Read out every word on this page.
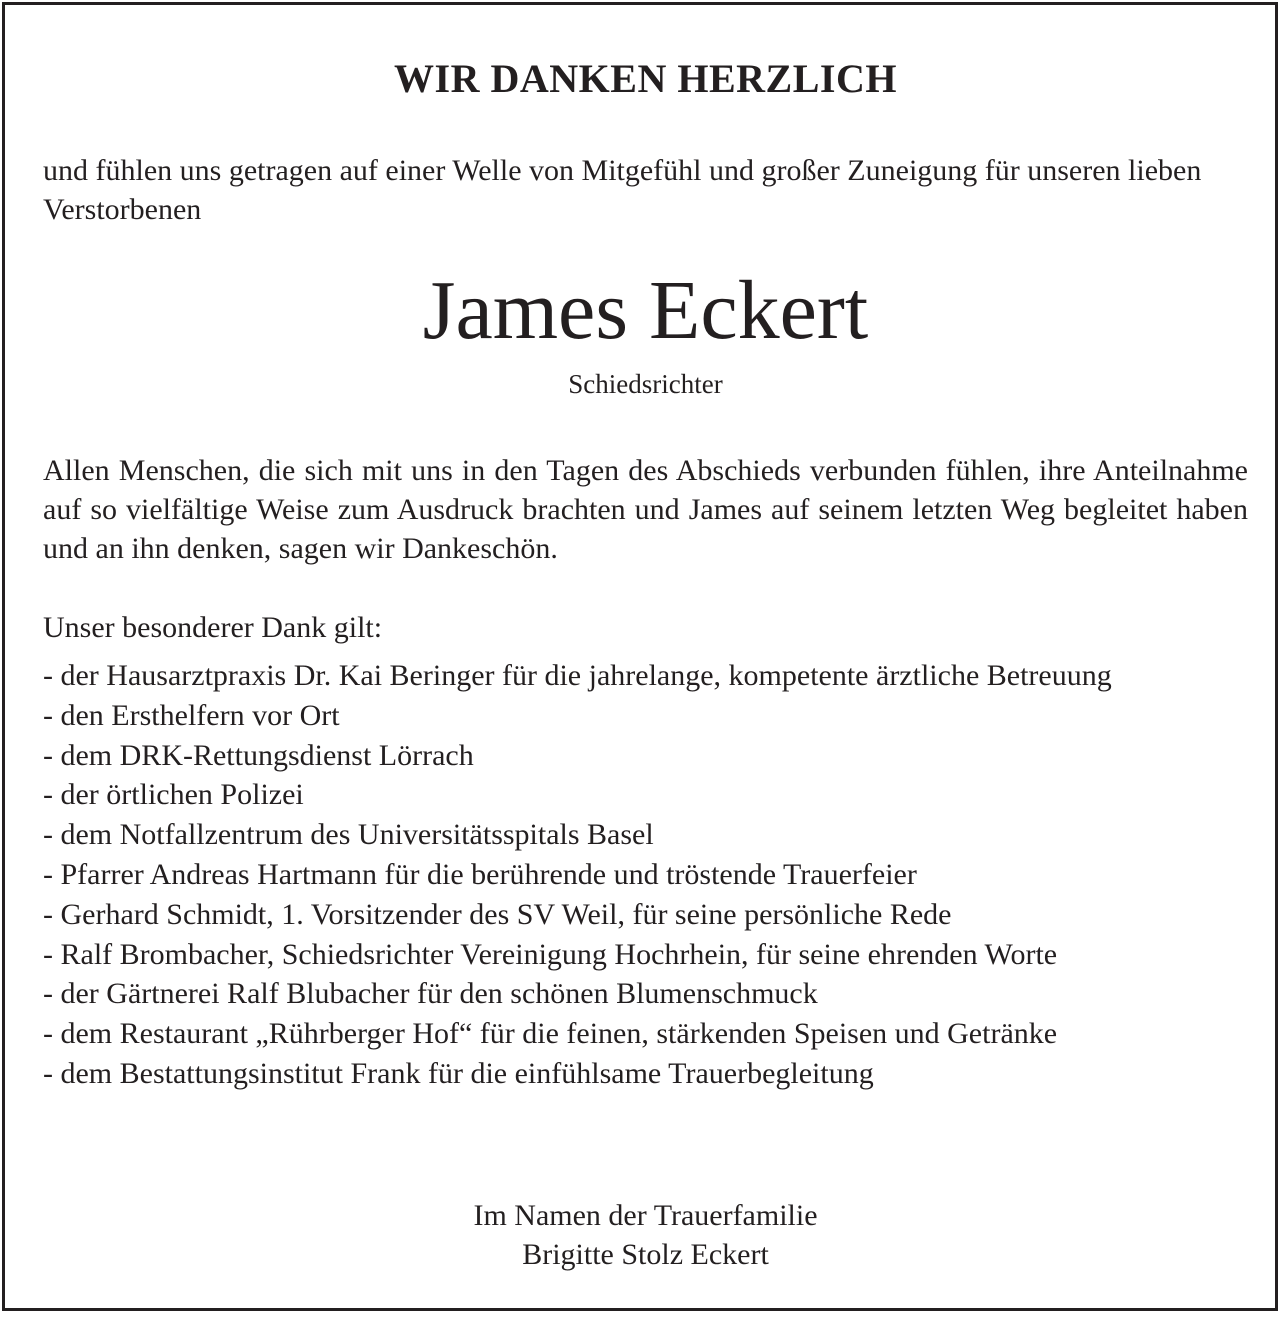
WIR DANKEN HERZLICH
und fühlen uns getragen auf einer Welle von Mitgefühl und großer Zuneigung für unseren lieben Verstorbenen
James Eckert
Schiedsrichter
Allen Menschen, die sich mit uns in den Tagen des Abschieds verbunden fühlen, ihre Anteilnahme auf so vielfältige Weise zum Ausdruck brachten und James auf seinem letzten Weg begleitet haben und an ihn denken, sagen wir Dankeschön.
Unser besonderer Dank gilt:
- der Hausarztpraxis Dr. Kai Beringer für die jahrelange, kompetente ärztliche Betreuung
- den Ersthelfern vor Ort
- dem DRK-Rettungsdienst Lörrach
- der örtlichen Polizei
- dem Notfallzentrum des Universitätsspitals Basel
- Pfarrer Andreas Hartmann für die berührende und tröstende Trauerfeier
- Gerhard Schmidt, 1. Vorsitzender des SV Weil, für seine persönliche Rede
- Ralf Brombacher, Schiedsrichter Vereinigung Hochrhein, für seine ehrenden Worte
- der Gärtnerei Ralf Blubacher für den schönen Blumenschmuck
- dem Restaurant „Rührberger Hof“ für die feinen, stärkenden Speisen und Getränke
- dem Bestattungsinstitut Frank für die einfühlsame Trauerbegleitung
Im Namen der Trauerfamilie
Brigitte Stolz Eckert
